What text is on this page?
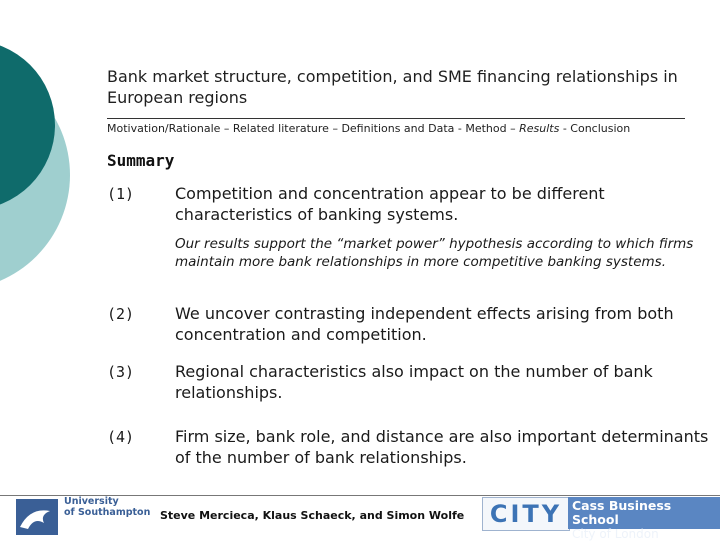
Bank market structure, competition, and SME financing relationships in European regions
Motivation/Rationale – Related literature – Definitions and Data - Method – Results - Conclusion
Summary
(1)	Competition and concentration appear to be different characteristics of banking systems.
Our results support the “market power” hypothesis according to which firms maintain more bank relationships in more competitive banking systems.
(2)	We uncover contrasting independent effects arising from both concentration and competition.
(3)	Regional characteristics also impact on the number of bank relationships.
(4)	Firm size, bank role, and distance are also important determinants of the number of bank relationships.
University
of Southampton Steve Mercieca, Klaus Schaeck, and Simon Wolfe CITY Cass Business School
City of London
